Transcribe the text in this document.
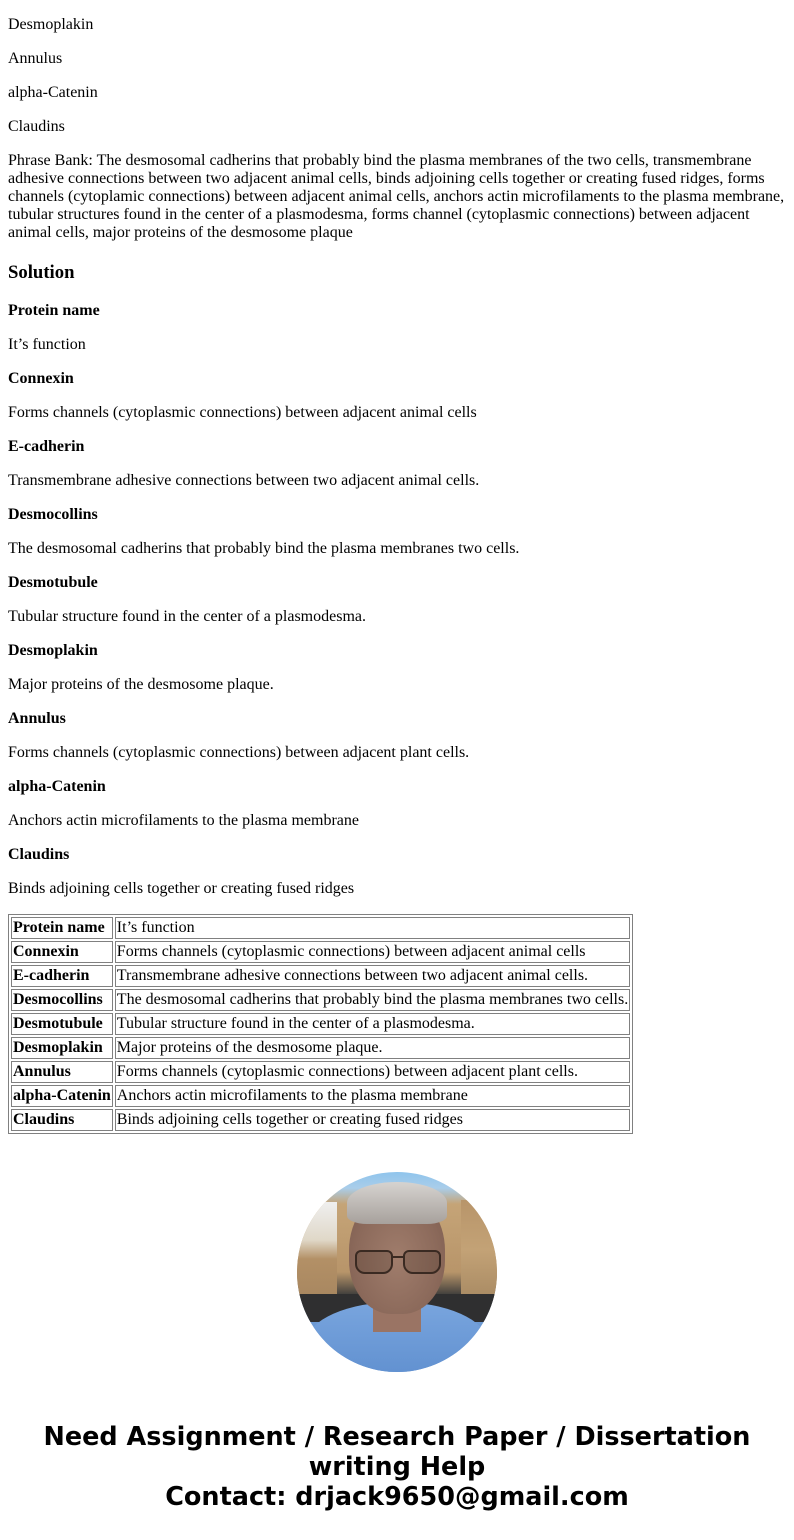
Desmoplakin

Annulus

alpha-Catenin

Claudins

Phrase Bank: The desmosomal cadherins that probably bind the plasma membranes of the two cells, transmembrane adhesive connections between two adjacent animal cells, binds adjoining cells together or creating fused ridges, forms channels (cytoplamic connections) between adjacent animal cells, anchors actin microfilaments to the plasma membrane, tubular structures found in the center of a plasmodesma, forms channel (cytoplasmic connections) between adjacent animal cells, major proteins of the desmosome plaque

Solution

Protein name

It’s function

Connexin

Forms channels (cytoplasmic connections) between adjacent animal cells

E-cadherin

Transmembrane adhesive connections between two adjacent animal cells.

Desmocollins

The desmosomal cadherins that probably bind the plasma membranes two cells.

Desmotubule

Tubular structure found in the center of a plasmodesma.

Desmoplakin

Major proteins of the desmosome plaque.

Annulus

Forms channels (cytoplasmic connections) between adjacent plant cells.

alpha-Catenin

Anchors actin microfilaments to the plasma membrane

Claudins

Binds adjoining cells together or creating fused ridges

Protein name	It’s function
Connexin	Forms channels (cytoplasmic connections) between adjacent animal cells
E-cadherin	Transmembrane adhesive connections between two adjacent animal cells.
Desmocollins	The desmosomal cadherins that probably bind the plasma membranes two cells.
Desmotubule	Tubular structure found in the center of a plasmodesma.
Desmoplakin	Major proteins of the desmosome plaque.
Annulus	Forms channels (cytoplasmic connections) between adjacent plant cells.
alpha-Catenin	Anchors actin microfilaments to the plasma membrane
Claudins	Binds adjoining cells together or creating fused ridges
Need Assignment / Research Paper / Dissertation
writing Help
Contact: drjack9650@gmail.com
